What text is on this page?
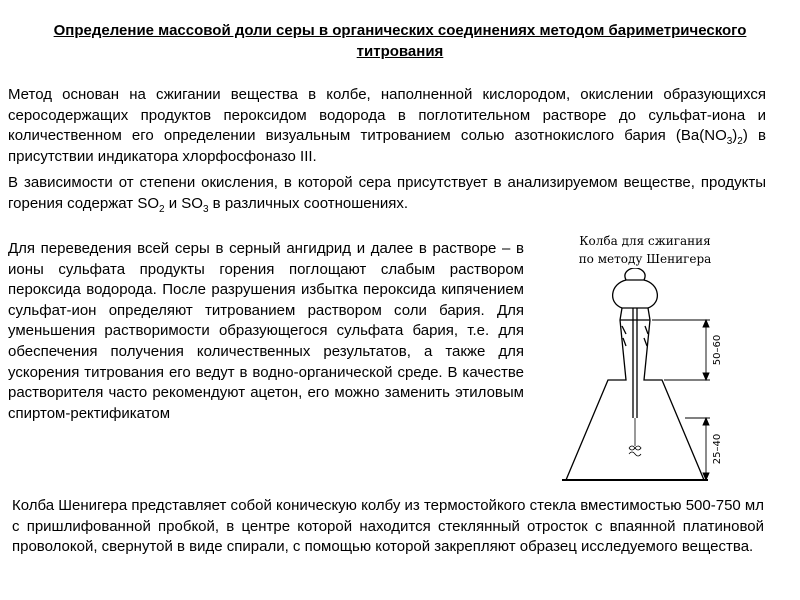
Определение массовой доли серы в органических соединениях методом бариметрического титрования

Метод основан на сжигании вещества в колбе, наполненной кислородом, окислении образующихся серосодержащих продуктов пероксидом водорода в поглотительном растворе до сульфат-иона и количественном его определении визуальным титрованием солью азотнокислого бария $(Ba(NO_3)_2)$ в присутствии индикатора хлорфосфоназо III.

В зависимости от степени окисления, в которой сера присутствует в анализируемом веществе, продукты горения содержат $SO_2$ и $SO_3$ в различных соотношениях.

Для переведения всей серы в серный ангидрид и далее в растворе – в ионы сульфата продукты горения поглощают слабым раствором пероксида водорода. После разрушения избытка пероксида кипячением сульфат-ион определяют титрованием раствором соли бария. Для уменьшения растворимости образующегося сульфата бария, т.е. для обеспечения получения количественных результатов, а также для ускорения титрования его ведут в водно-органической среде. В качестве растворителя часто рекомендуют ацетон, его можно заменить этиловым спиртом-ректификатом

Колба для сжигания
по методу Шенигера
50–60
25–40

Колба Шенигера представляет собой коническую колбу из термостойкого стекла вместимостью 500-750 мл с пришлифованной пробкой, в центре которой находится стеклянный отросток с впаянной платиновой проволокой, свернутой в виде спирали, с помощью которой закрепляют образец исследуемого вещества.
